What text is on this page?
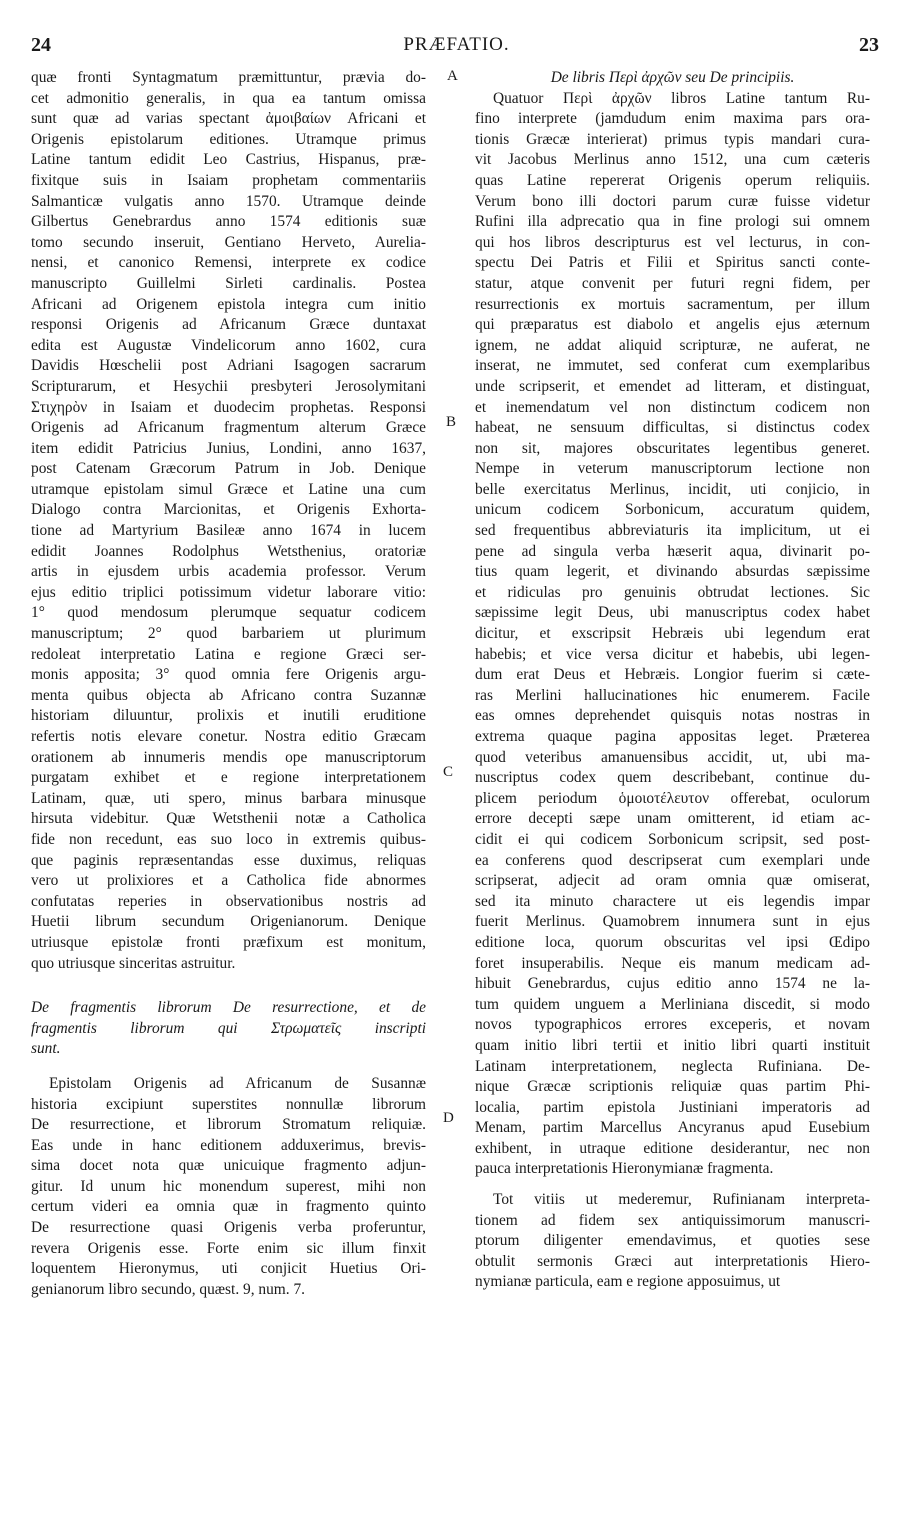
24	PRÆFATIO.	23
A
B
C
D
quæ fronti Syntagmatum præmittuntur, prævia do-
cet admonitio generalis, in qua ea tantum omissa
sunt quæ ad varias spectant ἀμοιβαίων Africani et
Origenis epistolarum editiones. Utramque primus
Latine tantum edidit Leo Castrius, Hispanus, præ-
fixitque suis in Isaiam prophetam commentariis
Salmanticæ vulgatis anno 1570. Utramque deinde
Gilbertus Genebrardus anno 1574 editionis suæ
tomo secundo inseruit, Gentiano Herveto, Aurelia-
nensi, et canonico Remensi, interprete ex codice
manuscripto Guillelmi Sirleti cardinalis. Postea
Africani ad Origenem epistola integra cum initio
responsi Origenis ad Africanum Græce duntaxat
edita est Augustæ Vindelicorum anno 1602, cura
Davidis Hœschelii post Adriani Isagogen sacrarum
Scripturarum, et Hesychii presbyteri Jerosolymitani
Στιχηρὸν in Isaiam et duodecim prophetas. Responsi
Origenis ad Africanum fragmentum alterum Græce
item edidit Patricius Junius, Londini, anno 1637,
post Catenam Græcorum Patrum in Job. Denique
utramque epistolam simul Græce et Latine una cum
Dialogo contra Marcionitas, et Origenis Exhorta-
tione ad Martyrium Basileæ anno 1674 in lucem
edidit Joannes Rodolphus Wetsthenius, oratoriæ
artis in ejusdem urbis academia professor. Verum
ejus editio triplici potissimum videtur laborare vitio:
1° quod mendosum plerumque sequatur codicem
manuscriptum; 2° quod barbariem ut plurimum
redoleat interpretatio Latina e regione Græci ser-
monis apposita; 3° quod omnia fere Origenis argu-
menta quibus objecta ab Africano contra Suzannæ
historiam diluuntur, prolixis et inutili eruditione
refertis notis elevare conetur. Nostra editio Græcam
orationem ab innumeris mendis ope manuscriptorum
purgatam exhibet et e regione interpretationem
Latinam, quæ, uti spero, minus barbara minusque
hirsuta videbitur. Quæ Wetsthenii notæ a Catholica
fide non recedunt, eas suo loco in extremis quibus-
que paginis repræsentandas esse duximus, reliquas
vero ut prolixiores et a Catholica fide abnormes
confutatas reperies in observationibus nostris ad
Huetii librum secundum Origenianorum. Denique
utriusque epistolæ fronti præfixum est monitum,
quo utriusque sinceritas astruitur.
De fragmentis librorum De resurrectione, et de
fragmentis librorum qui Στρωματεῖς inscripti
sunt.
Epistolam Origenis ad Africanum de Susannæ
historia excipiunt superstites nonnullæ librorum
De resurrectione, et librorum Stromatum reliquiæ.
Eas unde in hanc editionem adduxerimus, brevis-
sima docet nota quæ unicuique fragmento adjun-
gitur. Id unum hic monendum superest, mihi non
certum videri ea omnia quæ in fragmento quinto
De resurrectione quasi Origenis verba proferuntur,
revera Origenis esse. Forte enim sic illum finxit
loquentem Hieronymus, uti conjicit Huetius Ori-
genianorum libro secundo, quæst. 9, num. 7.
De libris Περὶ ἀρχῶν seu De principiis.
Quatuor Περὶ ἀρχῶν libros Latine tantum Ru-
fino interprete (jamdudum enim maxima pars ora-
tionis Græcæ interierat) primus typis mandari cura-
vit Jacobus Merlinus anno 1512, una cum cæteris
quas Latine repererat Origenis operum reliquiis.
Verum bono illi doctori parum curæ fuisse videtur
Rufini illa adprecatio qua in fine prologi sui omnem
qui hos libros descripturus est vel lecturus, in con-
spectu Dei Patris et Filii et Spiritus sancti conte-
statur, atque convenit per futuri regni fidem, per
resurrectionis ex mortuis sacramentum, per illum
qui præparatus est diabolo et angelis ejus æternum
ignem, ne addat aliquid scripturæ, ne auferat, ne
inserat, ne immutet, sed conferat cum exemplaribus
unde scripserit, et emendet ad litteram, et distinguat,
et inemendatum vel non distinctum codicem non
habeat, ne sensuum difficultas, si distinctus codex
non sit, majores obscuritates legentibus generet.
Nempe in veterum manuscriptorum lectione non
belle exercitatus Merlinus, incidit, uti conjicio, in
unicum codicem Sorbonicum, accuratum quidem,
sed frequentibus abbreviaturis ita implicitum, ut ei
pene ad singula verba hæserit aqua, divinarit po-
tius quam legerit, et divinando absurdas sæpissime
et ridiculas pro genuinis obtrudat lectiones. Sic
sæpissime legit Deus, ubi manuscriptus codex habet
dicitur, et exscripsit Hebræis ubi legendum erat
habebis; et vice versa dicitur et habebis, ubi legen-
dum erat Deus et Hebræis. Longior fuerim si cæte-
ras Merlini hallucinationes hic enumerem. Facile
eas omnes deprehendet quisquis notas nostras in
extrema quaque pagina appositas leget. Præterea
quod veteribus amanuensibus accidit, ut, ubi ma-
nuscriptus codex quem describebant, continue du-
plicem periodum ὁμοιοτέλευτον offerebat, oculorum
errore decepti sæpe unam omitterent, id etiam ac-
cidit ei qui codicem Sorbonicum scripsit, sed post-
ea conferens quod descripserat cum exemplari unde
scripserat, adjecit ad oram omnia quæ omiserat,
sed ita minuto charactere ut eis legendis impar
fuerit Merlinus. Quamobrem innumera sunt in ejus
editione loca, quorum obscuritas vel ipsi Œdipo
foret insuperabilis. Neque eis manum medicam ad-
hibuit Genebrardus, cujus editio anno 1574 ne la-
tum quidem unguem a Merliniana discedit, si modo
novos typographicos errores exceperis, et novam
quam initio libri tertii et initio libri quarti instituit
Latinam interpretationem, neglecta Rufiniana. De-
nique Græcæ scriptionis reliquiæ quas partim Phi-
localia, partim epistola Justiniani imperatoris ad
Menam, partim Marcellus Ancyranus apud Eusebium
exhibent, in utraque editione desiderantur, nec non
pauca interpretationis Hieronymianæ fragmenta.
Tot vitiis ut mederemur, Rufinianam interpreta-
tionem ad fidem sex antiquissimorum manuscri-
ptorum diligenter emendavimus, et quoties sese
obtulit sermonis Græci aut interpretationis Hiero-
nymianæ particula, eam e regione apposuimus, ut
